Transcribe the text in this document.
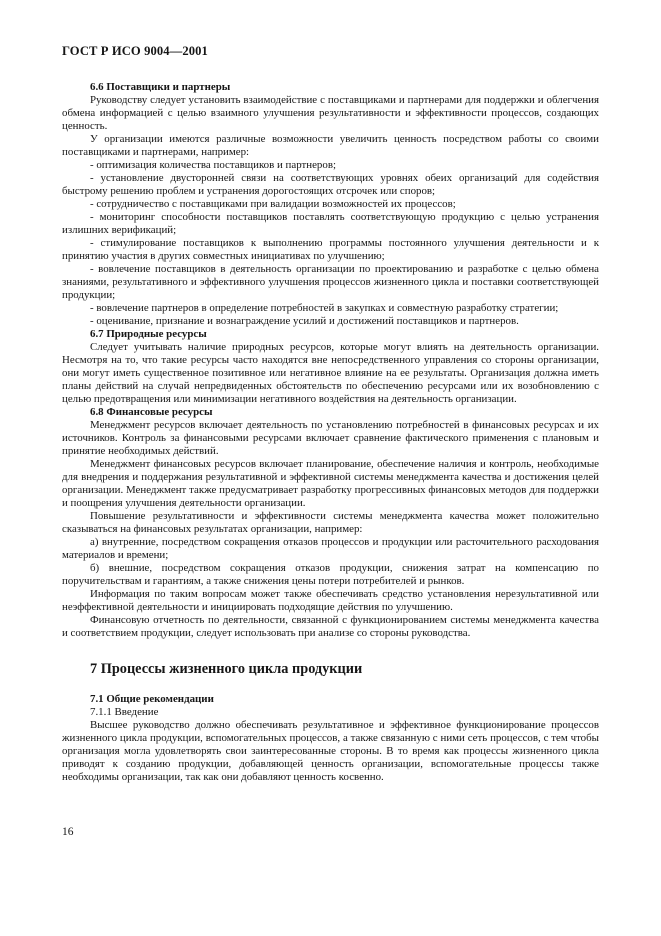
ГОСТ Р ИСО 9004—2001
6.6 Поставщики и партнеры

Руководству следует установить взаимодействие с поставщиками и партнерами для поддержки и облегчения обмена информацией с целью взаимного улучшения результативности и эффективности процессов, создающих ценность.

У организации имеются различные возможности увеличить ценность посредством работы со своими поставщиками и партнерами, например:

- оптимизация количества поставщиков и партнеров;

- установление двусторонней связи на соответствующих уровнях обеих организаций для содействия быстрому решению проблем и устранения дорогостоящих отсрочек или споров;

- сотрудничество с поставщиками при валидации возможностей их процессов;

- мониторинг способности поставщиков поставлять соответствующую продукцию с целью устранения излишних верификаций;

- стимулирование поставщиков к выполнению программы постоянного улучшения деятельности и к принятию участия в других совместных инициативах по улучшению;

- вовлечение поставщиков в деятельность организации по проектированию и разработке с целью обмена знаниями, результативного и эффективного улучшения процессов жизненного цикла и поставки соответствующей продукции;

- вовлечение партнеров в определение потребностей в закупках и совместную разработку стратегии;

- оценивание, признание и вознаграждение усилий и достижений поставщиков и партнеров.

6.7 Природные ресурсы

Следует учитывать наличие природных ресурсов, которые могут влиять на деятельность организации. Несмотря на то, что такие ресурсы часто находятся вне непосредственного управления со стороны организации, они могут иметь существенное позитивное или негативное влияние на ее результаты. Организация должна иметь планы действий на случай непредвиденных обстоятельств по обеспечению ресурсами или их возобновлению с целью предотвращения или минимизации негативного воздействия на деятельность организации.

6.8 Финансовые ресурсы

Менеджмент ресурсов включает деятельность по установлению потребностей в финансовых ресурсах и их источников. Контроль за финансовыми ресурсами включает сравнение фактического применения с плановым и принятие необходимых действий.

Менеджмент финансовых ресурсов включает планирование, обеспечение наличия и контроль, необходимые для внедрения и поддержания результативной и эффективной системы менеджмента качества и достижения целей организации. Менеджмент также предусматривает разработку прогрессивных финансовых методов для поддержки и поощрения улучшения деятельности организации.

Повышение результативности и эффективности системы менеджмента качества может положительно сказываться на финансовых результатах организации, например:

а) внутренние, посредством сокращения отказов процессов и продукции или расточительного расходования материалов и времени;

б) внешние, посредством сокращения отказов продукции, снижения затрат на компенсацию по поручительствам и гарантиям, а также снижения цены потери потребителей и рынков.

Информация по таким вопросам может также обеспечивать средство установления нерезультативной или неэффективной деятельности и инициировать подходящие действия по улучшению.

Финансовую отчетность по деятельности, связанной с функционированием системы менеджмента качества и соответствием продукции, следует использовать при анализе со стороны руководства.

7 Процессы жизненного цикла продукции
7.1 Общие рекомендации

7.1.1 Введение

Высшее руководство должно обеспечивать результативное и эффективное функционирование процессов жизненного цикла продукции, вспомогательных процессов, а также связанную с ними сеть процессов, с тем чтобы организация могла удовлетворять свои заинтересованные стороны. В то время как процессы жизненного цикла приводят к созданию продукции, добавляющей ценность организации, вспомогательные процессы также необходимы организации, так как они добавляют ценность косвенно.

16
